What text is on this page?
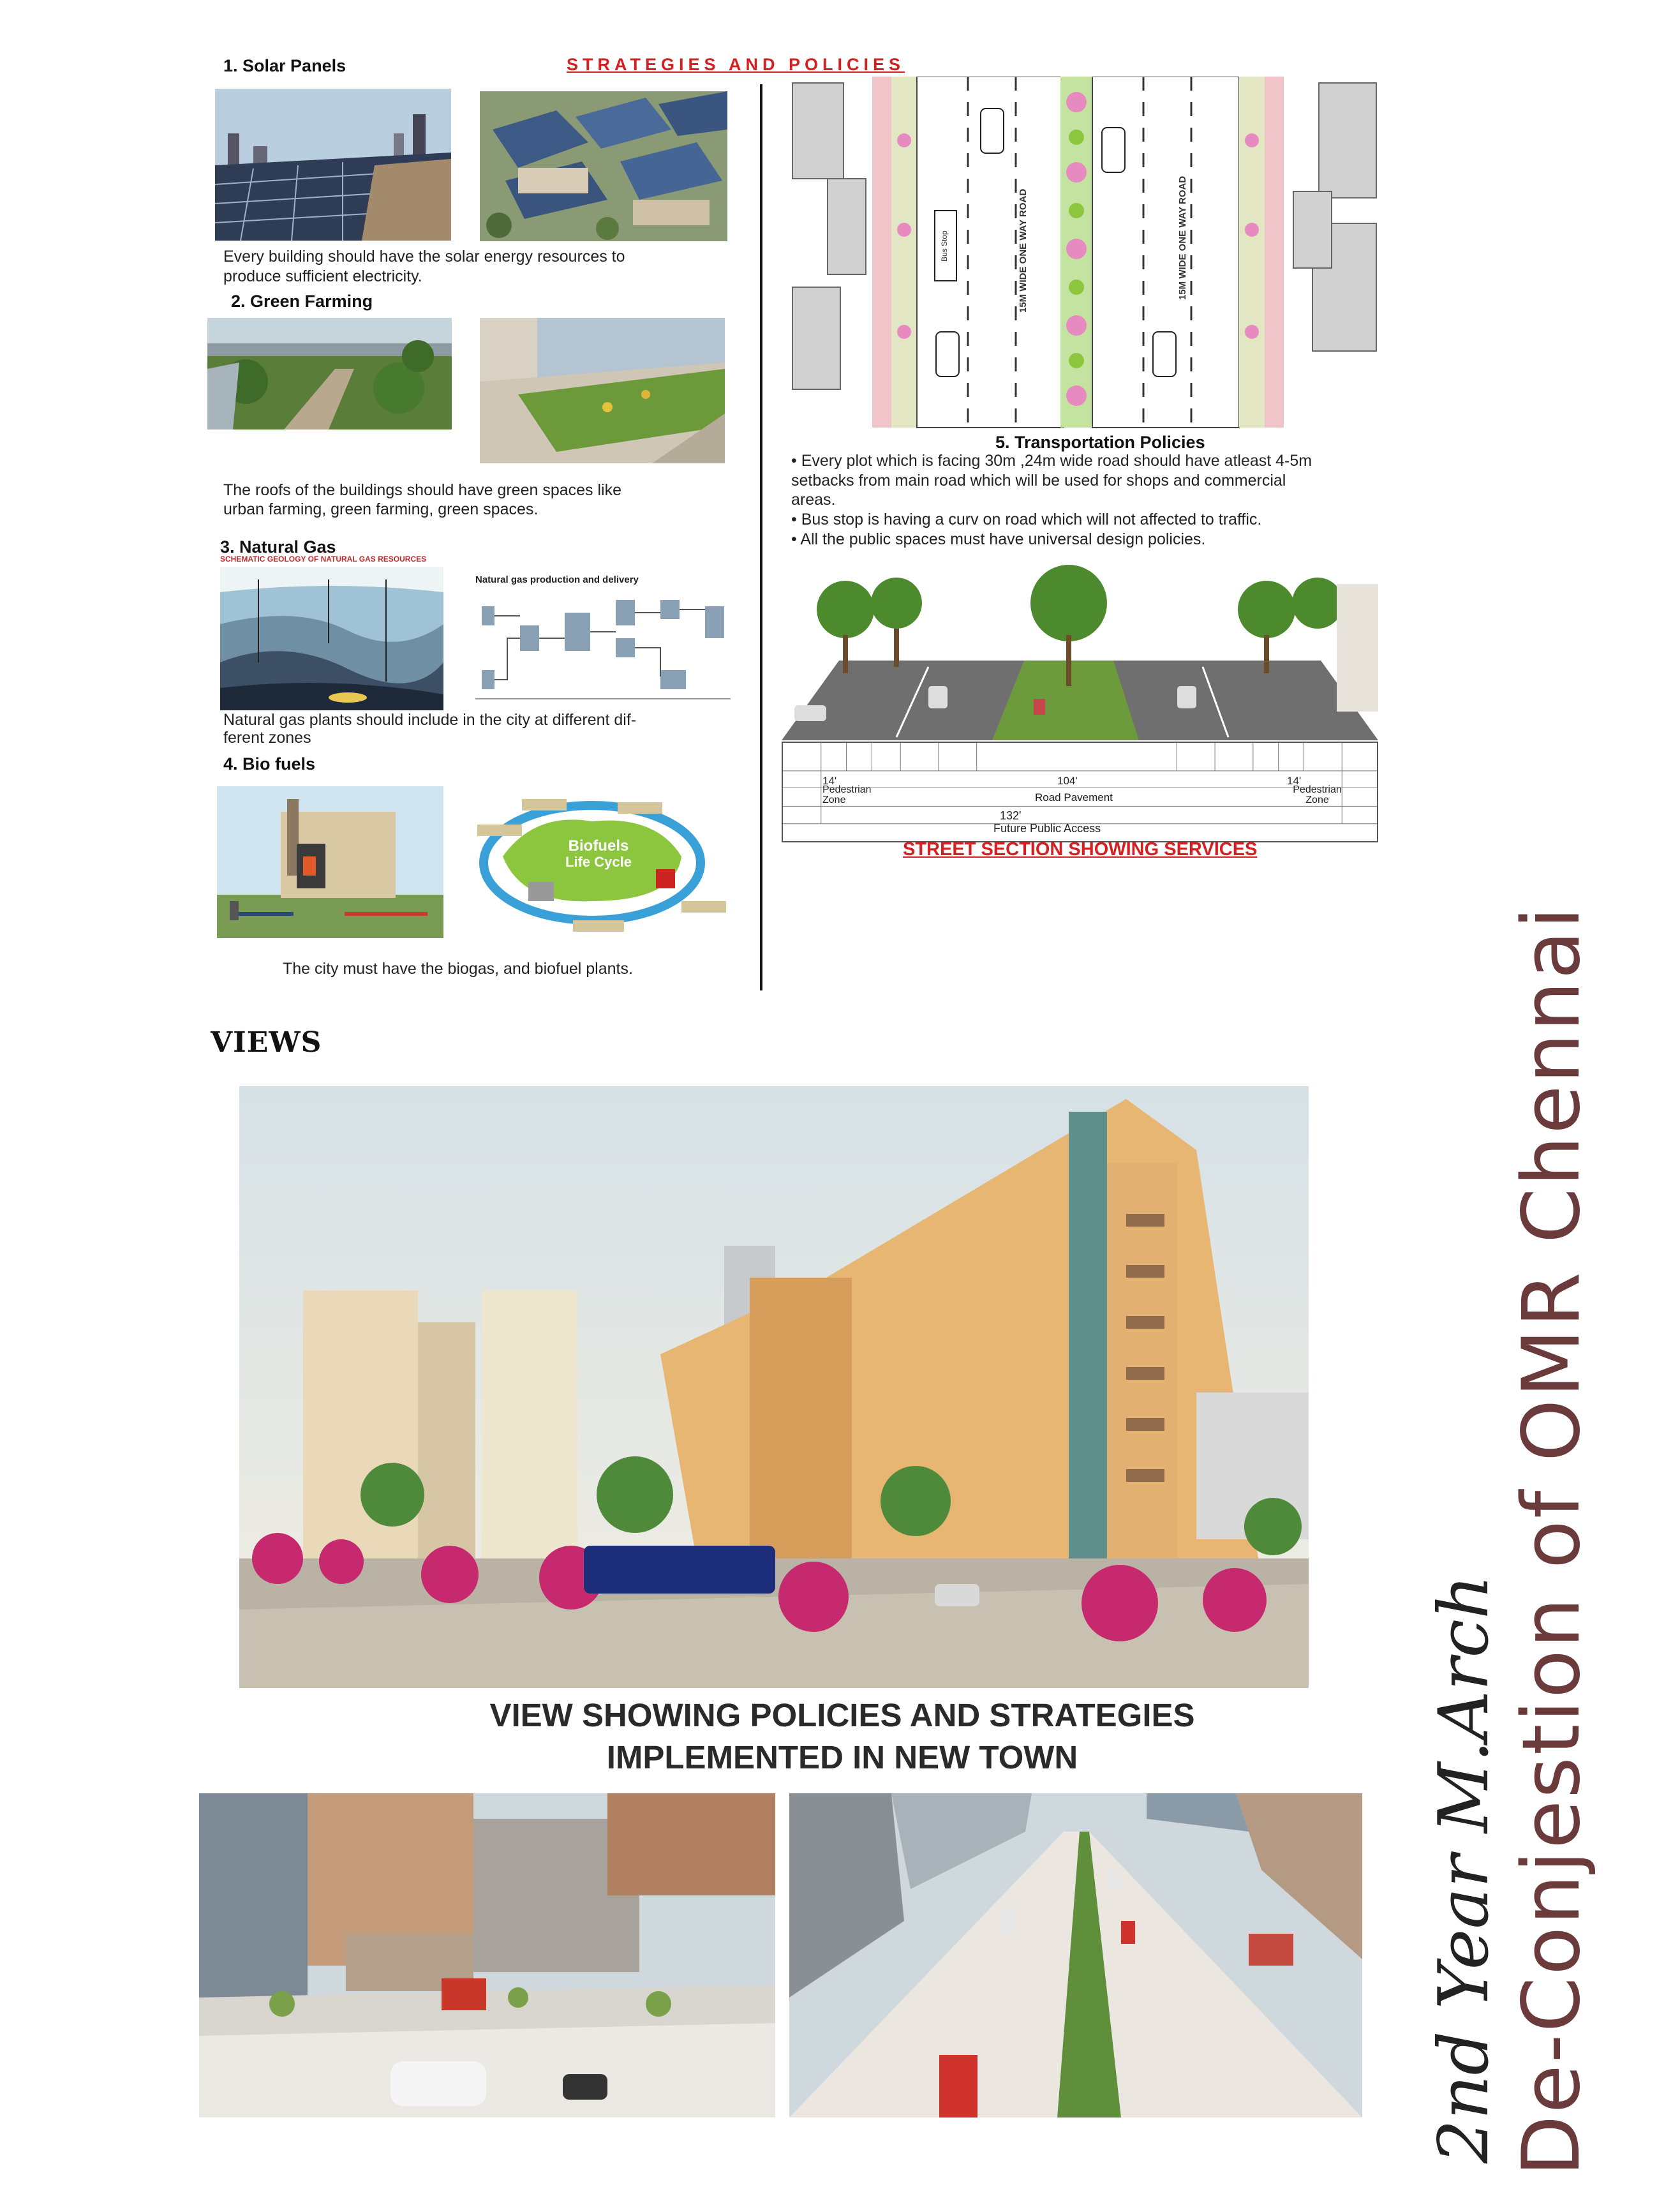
1. Solar Panels	STRATEGIES AND POLICIES
Every building should have the solar energy resources to
produce sufficient electricity.
2. Green Farming
The roofs of the buildings should have green spaces like
urban farming, green farming, green spaces.
3. Natural Gas
SCHEMATIC GEOLOGY OF NATURAL GAS RESOURCES
Natural gas production and delivery
Natural gas plants should include in the city at different dif-
ferent zones
4. Bio fuels
Biofuels
Life Cycle
The city must have the biogas, and biofuel plants.
15M WIDE ONE WAY ROAD	15M WIDE ONE WAY ROAD
Bus Stop
5. Transportation Policies
• Every plot which is facing 30m ,24m wide road should have atleast 4-5m
setbacks from main road which will be used for shops and commercial
areas.
• Bus stop is having a curv on road which will not affected to traffic.
• All the public spaces must have universal design policies.
14'
Pedestrian Zone
14'
Pedestrian Zone
104'
Road Pavement
132'
Future Public Access
STREET SECTION SHOWING SERVICES
VIEWS
VIEW SHOWING POLICIES AND STRATEGIES
IMPLEMENTED IN NEW TOWN	De-Conjestion of OMR Chennai
2nd Year M.Arch
